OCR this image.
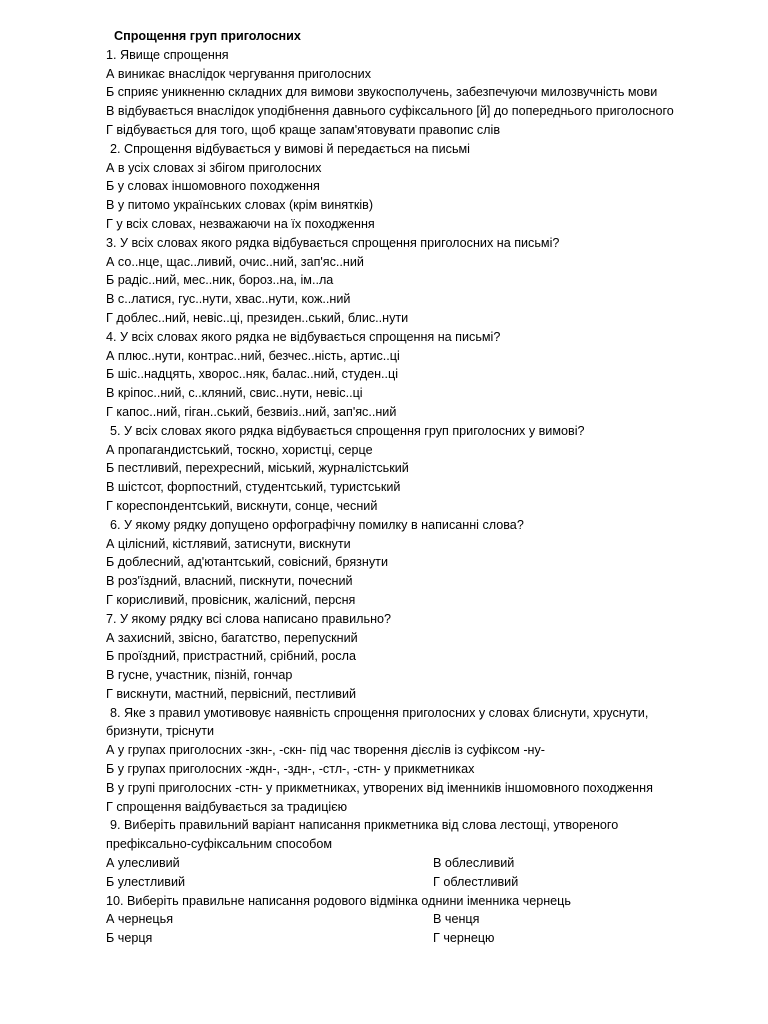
Спрощення груп приголосних
1. Явище спрощення
А виникає внаслідок чергування приголосних
Б сприяє уникненню складних для вимови звукосполучень, забезпечуючи милозвучність мови
В відбувається внаслідок уподібнення давнього суфіксального [й] до попереднього приголосного
Г відбувається для того, щоб краще запам'ятовувати правопис слів
2. Спрощення відбувається у вимові й передається на письмі
А в усіх словах зі збігом приголосних
Б у словах іншомовного походження
В у питомо українських словах (крім винятків)
Г у всіх словах, незважаючи на їх походження
3. У всіх словах якого рядка відбувається спрощення приголосних на письмі?
А со..нце, щас..ливий, очис..ний, зап'яс..ний
Б радіс..ний, мес..ник, бороз..на, ім..ла
В с..латися, гус..нути, хвас..нути, кож..ний
Г доблес..ний, невіс..ці, президен..ський, блис..нути
4. У всіх словах якого рядка не відбувається спрощення на письмі?
А плюс..нути, контрас..ний, безчес..ність, артис..ці
Б шіс..надцять, хворос..няк, балас..ний, студен..ці
В кріпос..ний, с..кляний, свис..нути, невіс..ці
Г капос..ний, гіган..ський, безвиіз..ний, зап'яс..ний
5. У всіх словах якого рядка відбувається спрощення груп приголосних у вимові?
А пропагандистський, тоскно, хористці, серце
Б пестливий, перехресний, міський, журналістський
В шістсот, форпостний, студентський, туристський
Г кореспондентський, вискнути, сонце, чесний
6. У якому рядку допущено орфографічну помилку в написанні слова?
А цілісний, кістлявий, затиснути, вискнути
Б доблесний, ад'ютантський, совісний, брязнути
В роз'їздний, власний, пискнути, почесний
Г корисливий, провісник, жалісний, персня
7. У якому рядку всі слова написано правильно?
А захисний, звісно, багатство, перепускний
Б проїздний, пристрастний, срібний, росла
В гусне, участник, пізній, гончар
Г вискнути, мастний, первісний, пестливий
8. Яке з правил умотивовує наявність спрощення приголосних у словах блиснути, хруснути,
бризнути, тріснути
А у групах приголосних -зкн-, -скн- під час творення дієслів із суфіксом -ну-
Б у групах приголосних -ждн-, -здн-, -стл-, -стн- у прикметниках
В у групі приголосних -стн- у прикметниках, утворених від іменників іншомовного походження
Г спрощення ваідбувається за традицією
9. Виберіть правильний варіант написання прикметника від слова лестощі, утвореного
префіксально-суфіксальним способом
А улесливий	В облесливий
Б улестливий	Г облестливий
10. Виберіть правильне написання родового відмінка однини іменника чернець
А чернецья	В ченця
Б черця	Г чернецю
